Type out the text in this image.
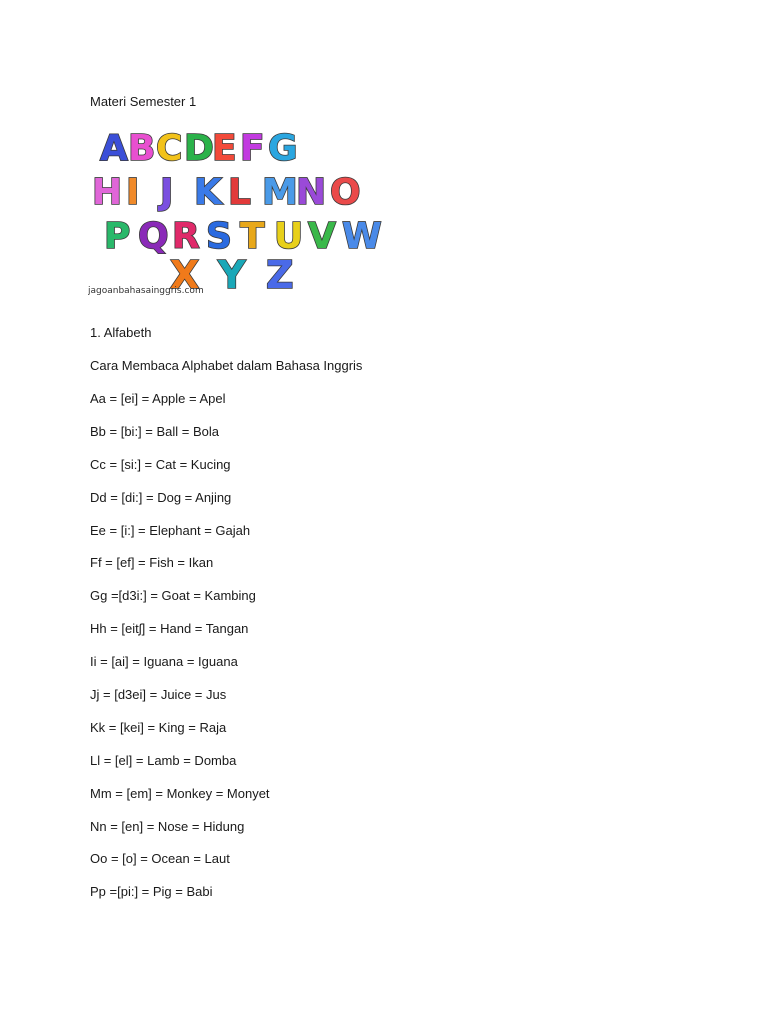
Materi Semester 1
A B C D
E F G
H I J K L M
N O
P Q R S T U V W
X Y Z
jagoanbahasainggris.com
1. Alfabeth
Cara Membaca Alphabet dalam Bahasa Inggris
Aa = [ei] = Apple = Apel
Bb = [bi:] = Ball = Bola
Cc = [si:] = Cat = Kucing
Dd = [di:] = Dog = Anjing
Ee = [i:] = Elephant = Gajah
Ff = [ef] = Fish = Ikan
Gg =[d3i:] = Goat = Kambing
Hh = [eitʃ] = Hand = Tangan
Ii = [ai] = Iguana = Iguana
Jj = [d3ei] = Juice = Jus
Kk = [kei] = King = Raja
Ll = [el] = Lamb = Domba
Mm = [em] = Monkey = Monyet
Nn = [en] = Nose = Hidung
Oo = [o] = Ocean = Laut
Pp =[pi:] = Pig = Babi
